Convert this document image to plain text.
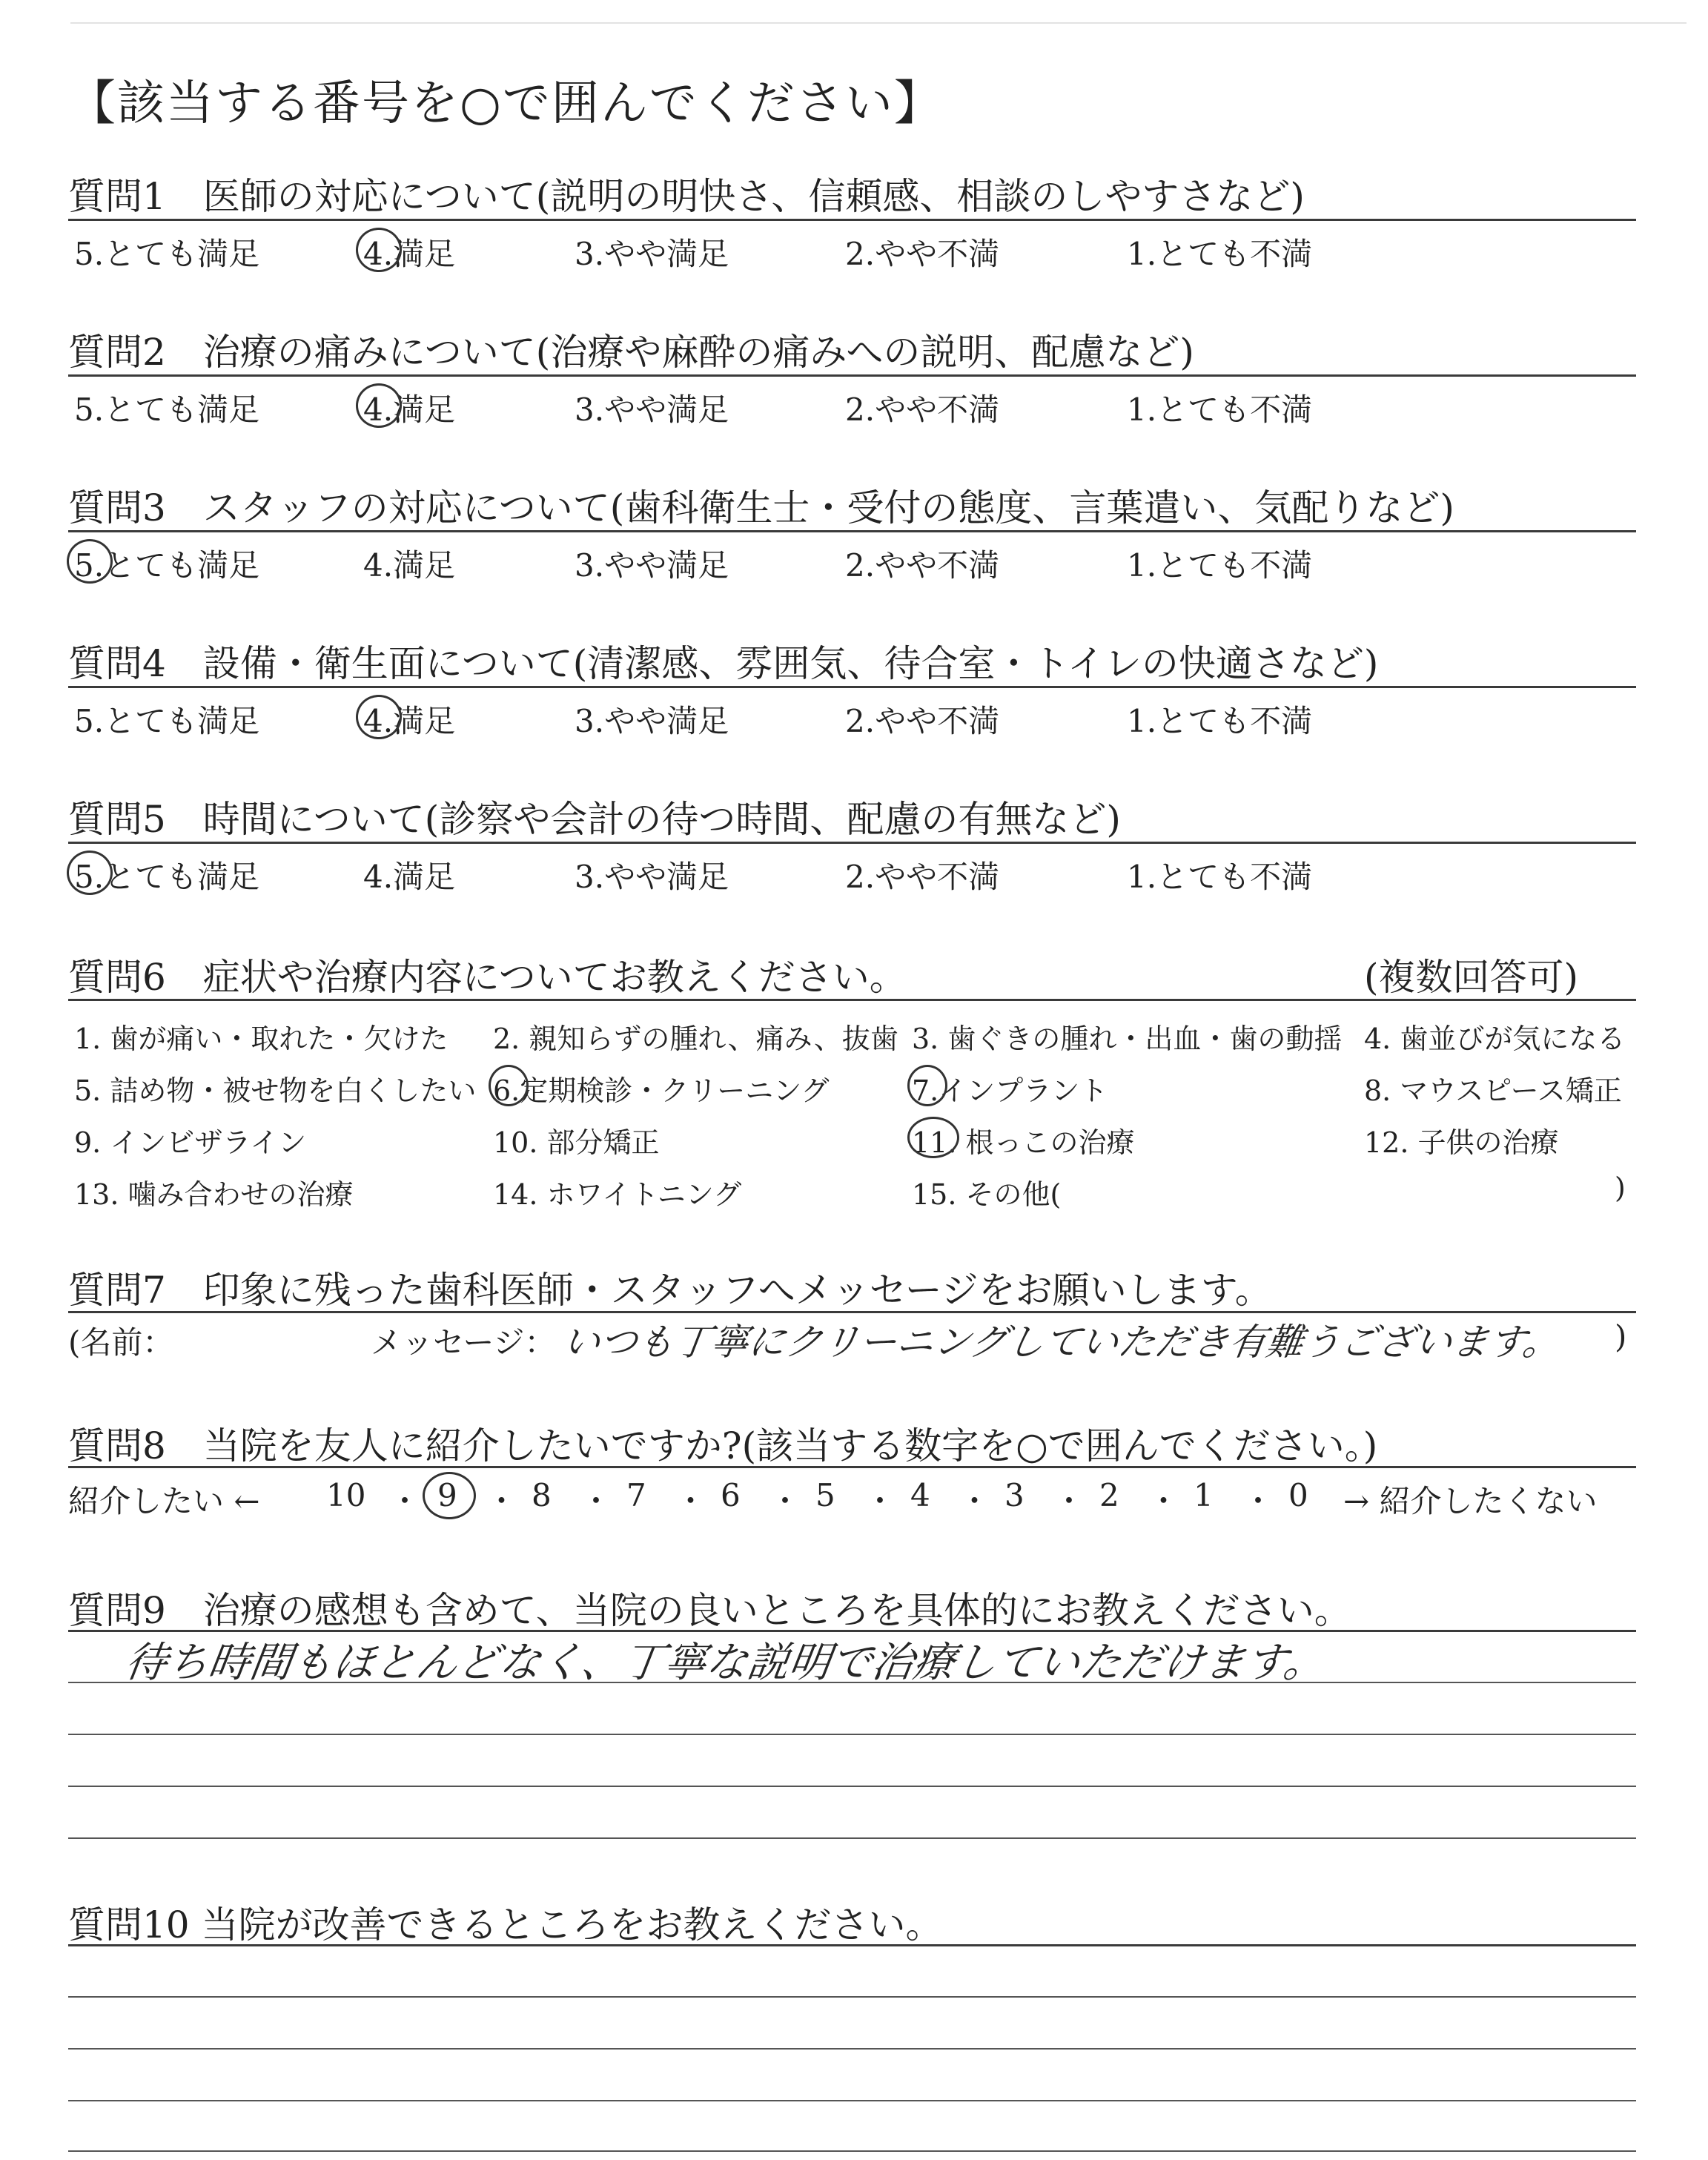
【該当する番号を○で囲んでください】
質問1　医師の対応について(説明の明快さ、信頼感、相談のしやすさなど)
5.とても満足	4.満足	3.やや満足	2.やや不満	1.とても不満
質問2　治療の痛みについて(治療や麻酔の痛みへの説明、配慮など)
5.とても満足	4.満足	3.やや満足	2.やや不満	1.とても不満
質問3　スタッフの対応について(歯科衛生士・受付の態度、言葉遣い、気配りなど)
5.とても満足	4.満足	3.やや満足	2.やや不満	1.とても不満
質問4　設備・衛生面について(清潔感、雰囲気、待合室・トイレの快適さなど)
5.とても満足	4.満足	3.やや満足	2.やや不満	1.とても不満
質問5　時間について(診察や会計の待つ時間、配慮の有無など)
5.とても満足	4.満足	3.やや満足	2.やや不満	1.とても不満
質問6　症状や治療内容についてお教えください。	(複数回答可)
1. 歯が痛い・取れた・欠けた 2. 親知らずの腫れ、痛み、抜歯 3. 歯ぐきの腫れ・出血・歯の動揺 4. 歯並びが気になる
5. 詰め物・被せ物を白くしたい 6.定期検診・クリーニング	7.インプラント	8. マウスピース矯正
9. インビザライン	10. 部分矯正	11. 根っこの治療	12. 子供の治療
13. 噛み合わせの治療	14. ホワイトニング	15. その他(	)
質問7　印象に残った歯科医師・スタッフへメッセージをお願いします。
(名前：	メッセージ： いつも丁寧にクリーニングしていただき有難うございます。 )
質問8　当院を友人に紹介したいですか?(該当する数字を○で囲んでください。)
紹介したい ←	→ 紹介したくない
10 ・ 9 ・ 8 ・ 7 ・ 6 ・ 5 ・ 4 ・ 3 ・ 2 ・ 1 ・ 0
質問9　治療の感想も含めて、当院の良いところを具体的にお教えください。
待ち時間もほとんどなく、丁寧な説明で治療していただけます。
質問10 当院が改善できるところをお教えください。
